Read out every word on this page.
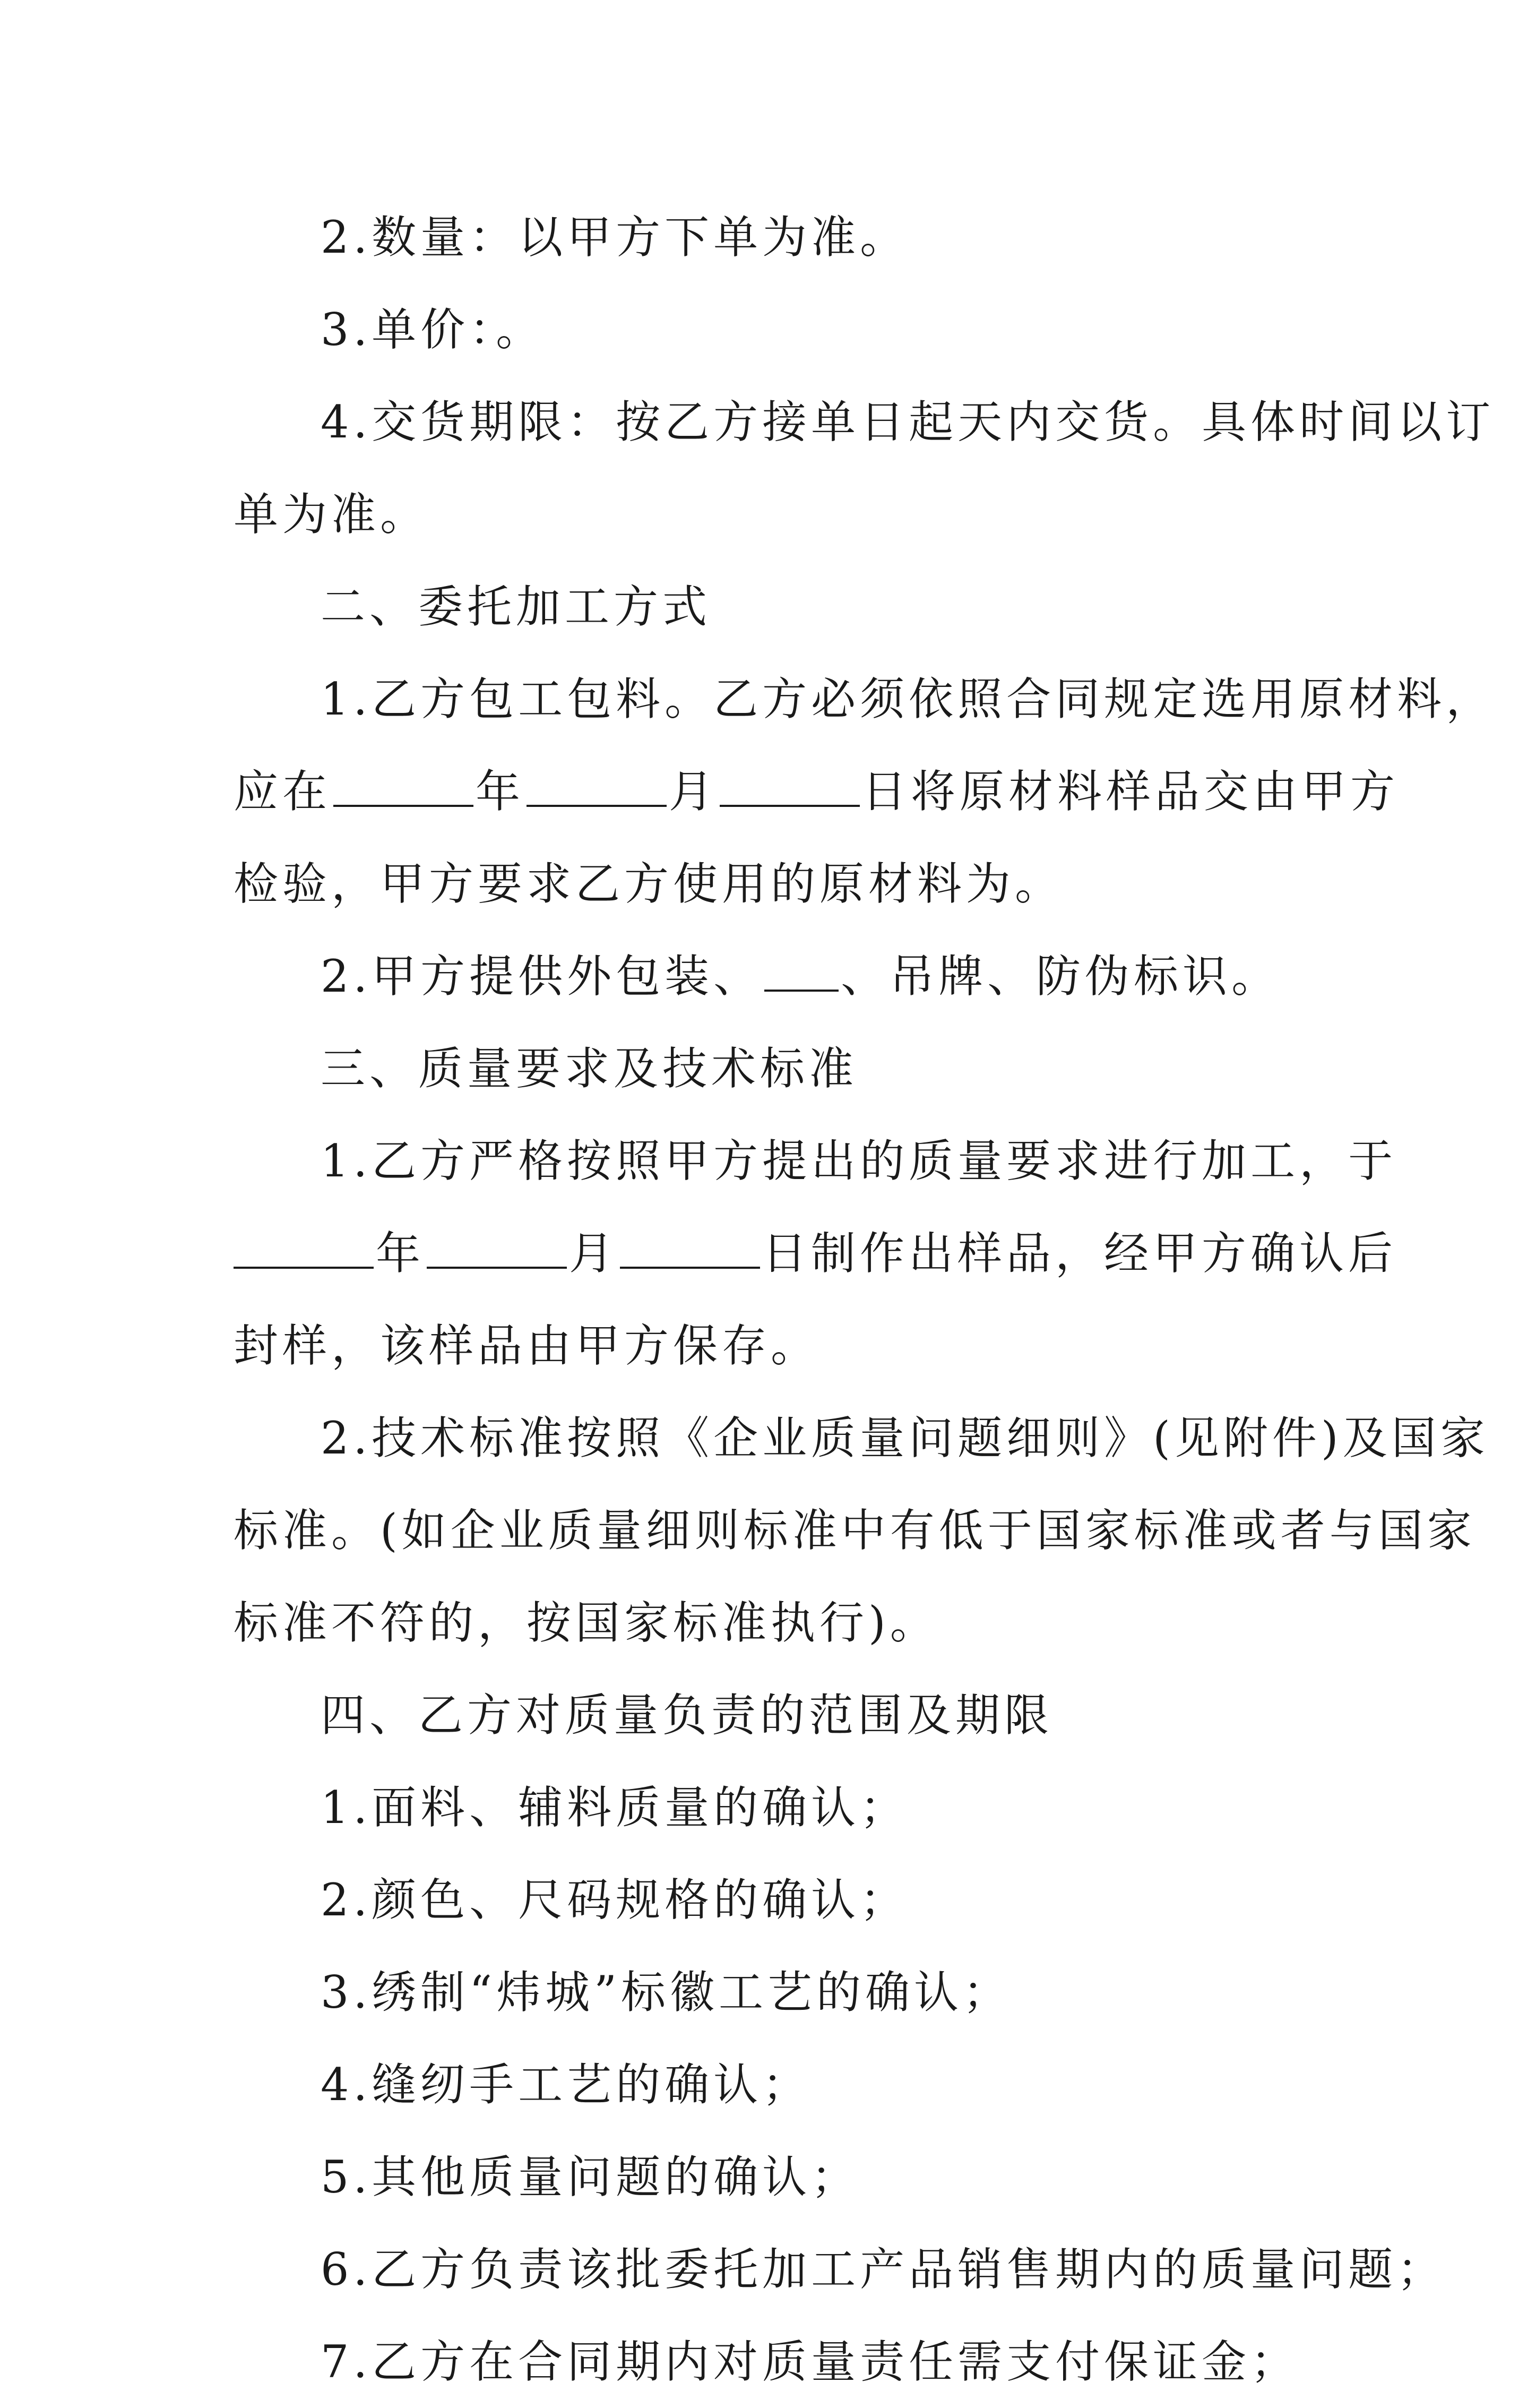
2.数量：以甲方下单为准。

3.单价：。

4.交货期限：按乙方接单日起天内交货。具体时间以订
单为准。

二、委托加工方式

1.乙方包工包料。乙方必须依照合同规定选用原材料，
应在	年	月	日将原材料样品交由甲方
检验，甲方要求乙方使用的原材料为。

2.甲方提供外包装、 、吊牌、防伪标识。

三、质量要求及技术标准

1.乙方严格按照甲方提出的质量要求进行加工，于
年	月	日制作出样品，经甲方确认后
封样，该样品由甲方保存。
2.技术标准按照《企业质量问题细则》(见附件)及国家
标准。(如企业质量细则标准中有低于国家标准或者与国家
标准不符的，按国家标准执行)。

四、乙方对质量负责的范围及期限

1.面料、辅料质量的确认；

2.颜色、尺码规格的确认；

3.绣制“炜城”标徽工艺的确认；

4.缝纫手工艺的确认；

5.其他质量问题的确认；

6.乙方负责该批委托加工产品销售期内的质量问题；

7.乙方在合同期内对质量责任需支付保证金；
